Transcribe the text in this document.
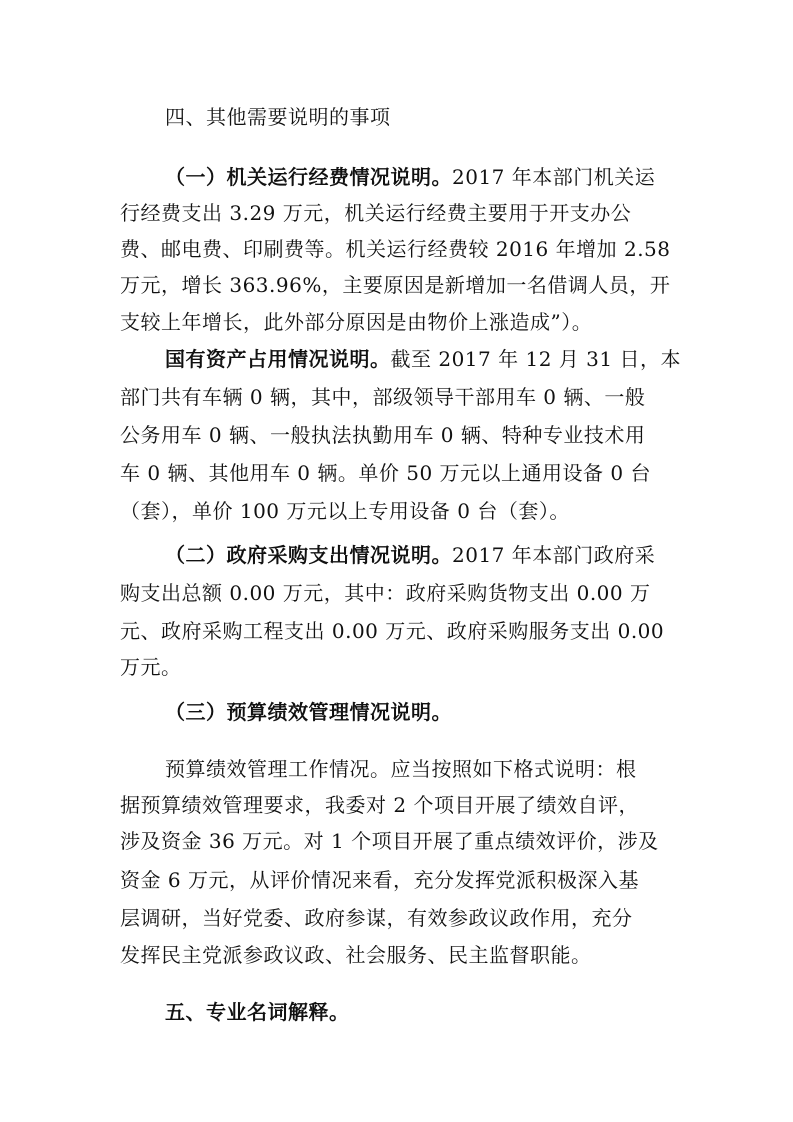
四、其他需要说明的事项

（一）机关运行经费情况说明。2017 年本部门机关运

行经费支出 3.29 万元，机关运行经费主要用于开支办公

费、邮电费、印刷费等。机关运行经费较 2016 年增加 2.58

万元，增长 363.96%，主要原因是新增加一名借调人员，开

支较上年增长，此外部分原因是由物价上涨造成”）。

国有资产占用情况说明。截至 2017 年 12 月 31 日，本

部门共有车辆 0 辆，其中，部级领导干部用车 0 辆、一般

公务用车 0 辆、一般执法执勤用车 0 辆、特种专业技术用

车 0 辆、其他用车 0 辆。单价 50 万元以上通用设备 0 台

（套），单价 100 万元以上专用设备 0 台（套）。

（二）政府采购支出情况说明。2017 年本部门政府采

购支出总额 0.00 万元，其中：政府采购货物支出 0.00 万

元、政府采购工程支出 0.00 万元、政府采购服务支出 0.00

万元。

（三）预算绩效管理情况说明。

预算绩效管理工作情况。应当按照如下格式说明：根

据预算绩效管理要求，我委对 2 个项目开展了绩效自评，

涉及资金 36 万元。对 1 个项目开展了重点绩效评价，涉及

资金 6 万元，从评价情况来看，充分发挥党派积极深入基

层调研，当好党委、政府参谋，有效参政议政作用，充分

发挥民主党派参政议政、社会服务、民主监督职能。

五、专业名词解释。
